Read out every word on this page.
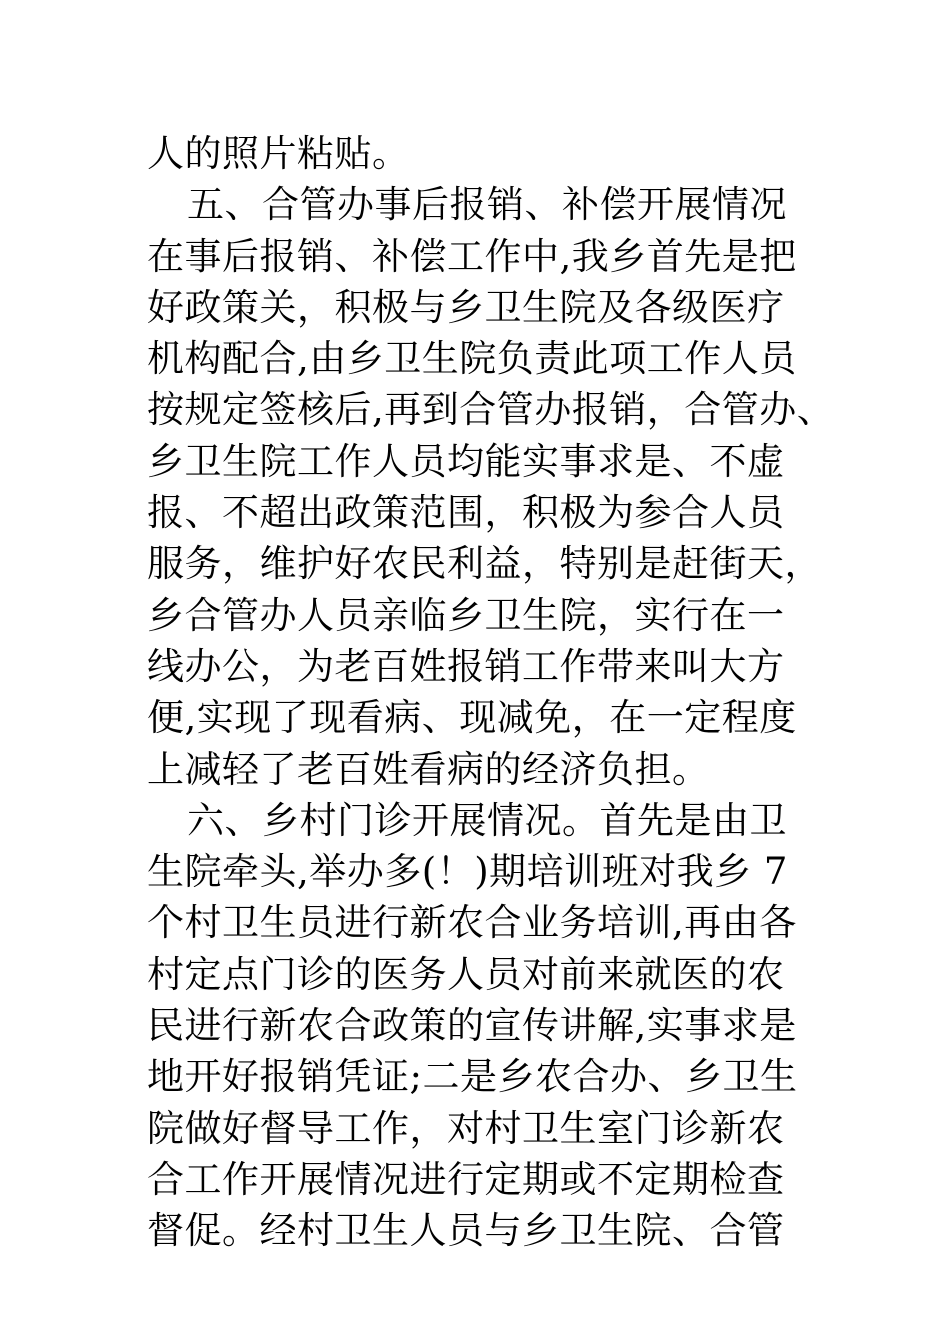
人的照片粘贴。
五、合管办事后报销、补偿开展情况
在事后报销、补偿工作中,我乡首先是把
好政策关，积极与乡卫生院及各级医疗
机构配合,由乡卫生院负责此项工作人员
按规定签核后,再到合管办报销，合管办、
乡卫生院工作人员均能实事求是、不虚
报、不超出政策范围，积极为参合人员
服务，维护好农民利益，特别是赶街天，
乡合管办人员亲临乡卫生院，实行在一
线办公，为老百姓报销工作带来叫大方
便,实现了现看病、现减免，在一定程度
上减轻了老百姓看病的经济负担。
六、乡村门诊开展情况。首先是由卫
生院牵头,举办多(！)期培训班对我乡 7
个村卫生员进行新农合业务培训,再由各
村定点门诊的医务人员对前来就医的农
民进行新农合政策的宣传讲解,实事求是
地开好报销凭证;二是乡农合办、乡卫生
院做好督导工作，对村卫生室门诊新农
合工作开展情况进行定期或不定期检查
督促。经村卫生人员与乡卫生院、合管
